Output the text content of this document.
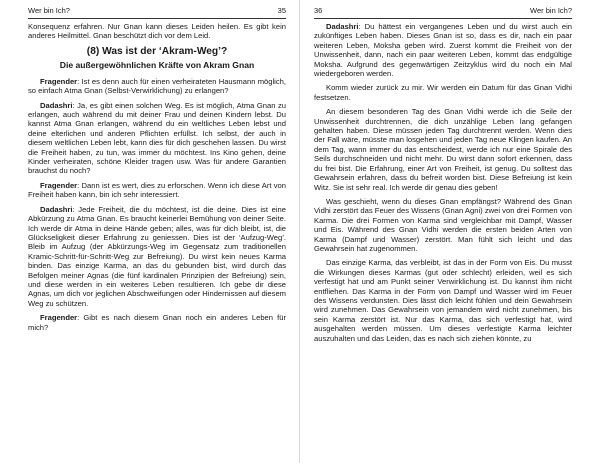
Wer bin Ich?	35

Konsequenz erfahren. Nur Gnan kann dieses Leiden heilen. Es gibt kein anderes Heilmittel. Gnan beschützt dich vor dem Leid.

(8) Was ist der ‘Akram-Weg’?
Die außergewöhnlichen Kräfte von Akram Gnan

Fragender: Ist es denn auch für einen verheirateten Hausmann möglich, so einfach Atma Gnan (Selbst-Verwirklichung) zu erlangen?

Dadashri: Ja, es gibt einen solchen Weg. Es ist möglich, Atma Gnan zu erlangen, auch während du mit deiner Frau und deinen Kindern lebst. Du kannst Atma Gnan erlangen, während du ein weltliches Leben lebst und deine elterlichen und anderen Pflichten erfüllst. Ich selbst, der auch in diesem weltlichen Leben lebt, kann dies für dich geschehen lassen. Du wirst die Freiheit haben, zu tun, was immer du möchtest. Ins Kino gehen, deine Kinder verheiraten, schöne Kleider tragen usw. Was für andere Garantien brauchst du noch?

Fragender: Dann ist es wert, dies zu erforschen. Wenn ich diese Art von Freiheit haben kann, bin ich sehr interessiert.

Dadashri: Jede Freiheit, die du möchtest, ist die deine. Dies ist eine Abkürzung zu Atma Gnan. Es braucht keinerlei Bemühung von deiner Seite. Ich werde dir Atma in deine Hände geben; alles, was für dich bleibt, ist, die Glückseligkeit dieser Erfahrung zu geniessen. Dies ist der ‘Aufzug-Weg’. Bleib im Aufzug (der Abkürzungs-Weg im Gegensatz zum traditionellen Kramic-Schritt-für-Schritt-Weg zur Befreiung). Du wirst kein neues Karma binden. Das einzige Karma, an das du gebunden bist, wird durch das Befolgen meiner Agnas (die fünf kardinalen Prinzipien der Befreiung) sein, und diese werden in ein weiteres Leben resultieren. Ich gebe dir diese Agnas, um dich vor jeglichen Abschweifungen oder Hindernissen auf diesem Weg zu schützen.

Fragender: Gibt es nach diesem Gnan noch ein anderes Leben für mich?

36	Wer bin Ich?

Dadashri: Du hättest ein vergangenes Leben und du wirst auch ein zukünftiges Leben haben. Dieses Gnan ist so, dass es dir, nach ein paar weiteren Leben, Moksha geben wird. Zuerst kommt die Freiheit von der Unwissenheit, dann, nach ein paar weiteren Leben, kommt das endgültige Moksha. Aufgrund des gegenwärtigen Zeitzyklus wird du noch ein Mal wiedergeboren werden.

Komm wieder zurück zu mir. Wir werden ein Datum für das Gnan Vidhi festsetzen.

An diesem besonderen Tag des Gnan Vidhi werde ich die Seile der Unwissenheit durchtrennen, die dich unzählige Leben lang gefangen gehalten haben. Diese müssen jeden Tag durchtrennt werden. Wenn dies der Fall wäre, müsste man losgehen und jeden Tag neue Klingen kaufen. An dem Tag, wann immer du das entscheidest, werde ich nur eine Spirale des Seils durchschneiden und nicht mehr. Du wirst dann sofort erkennen, dass du frei bist. Die Erfahrung, einer Art von Freiheit, ist genug. Du solltest das Gewahrsein erfahren, dass du befreit worden bist. Diese Befreiung ist kein Witz. Sie ist sehr real. Ich werde dir genau dies geben!

Was geschieht, wenn du dieses Gnan empfängst? Während des Gnan Vidhi zerstört das Feuer des Wissens (Gnan Agni) zwei von drei Formen von Karma. Die drei Formen von Karma sind vergleichbar mit Dampf, Wasser und Eis. Während des Gnan Vidhi werden die ersten beiden Arten von Karma (Dampf und Wasser) zerstört. Man fühlt sich leicht und das Gewahrsein hat zugenommen.

Das einzige Karma, das verbleibt, ist das in der Form von Eis. Du musst die Wirkungen dieses Karmas (gut oder schlecht) erleiden, weil es sich verfestigt hat und am Punkt seiner Verwirklichung ist. Du kannst ihm nicht entfliehen. Das Karma in der Form von Dampf und Wasser wird im Feuer des Wissens verdunsten. Dies lässt dich leicht fühlen und dein Gewahrsein wird zunehmen. Das Gewahrsein von jemandem wird nicht zunehmen, bis sein Karma zerstört ist. Nur das Karma, das sich verfestigt hat, wird ausgehalten werden müssen. Um dieses verfestigte Karma leichter auszuhalten und das Leiden, das es nach sich ziehen könnte, zu
